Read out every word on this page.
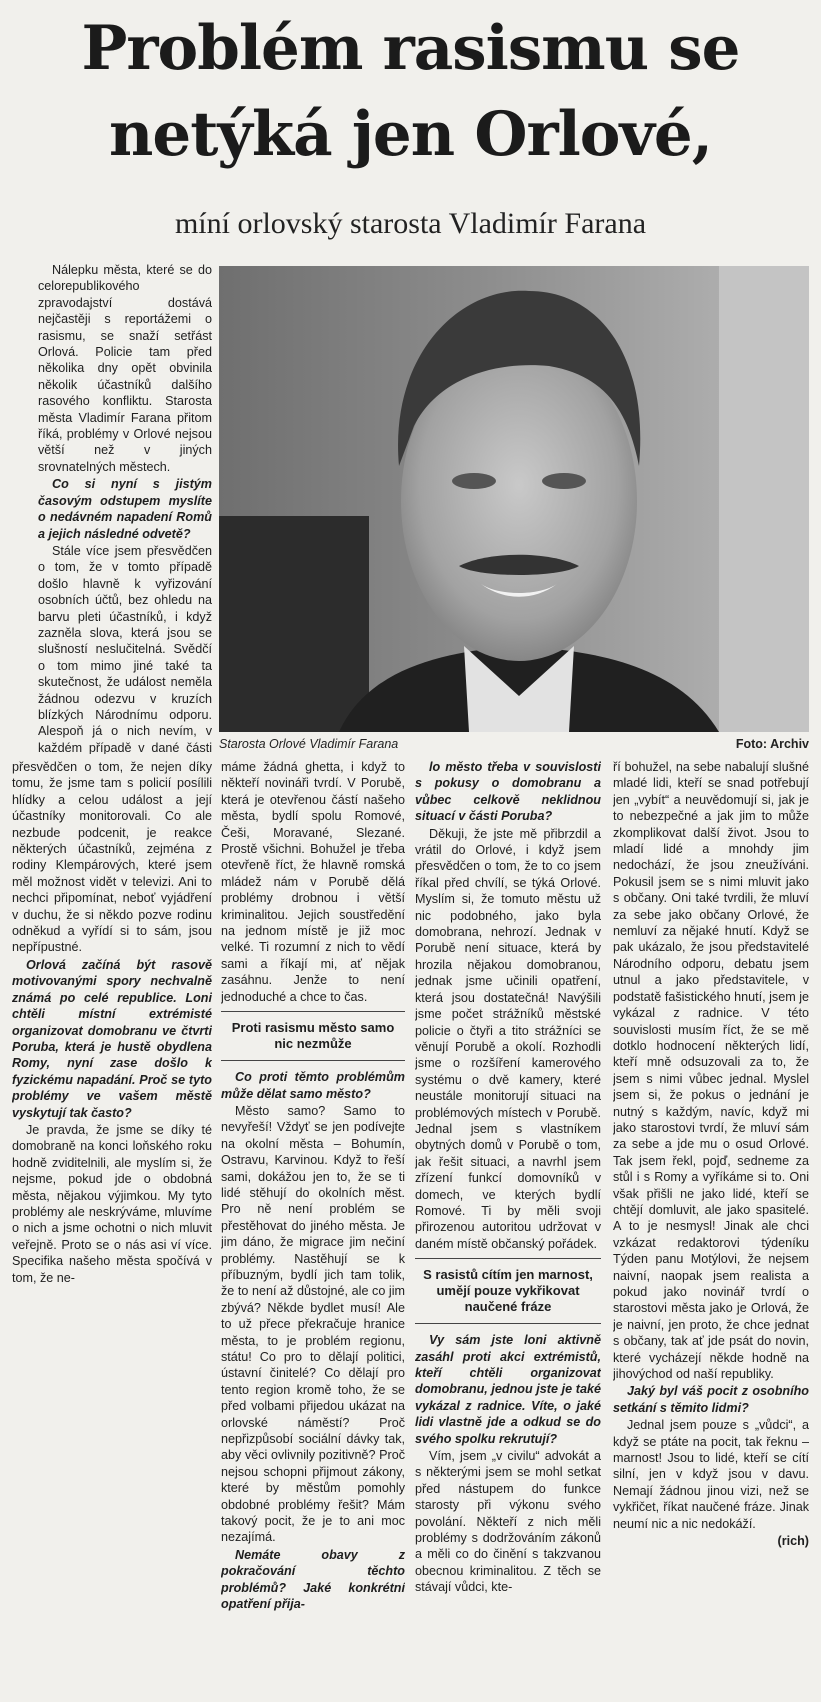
Problém rasismu se
netýká jen Orlové,
míní orlovský starosta Vladimír Farana
Starosta Orlové Vladimír Farana	Foto: Archiv

Nálepku města, které se do celorepublikového zpravodajství dostává nejčastěji s reportážemi o rasismu, se snaží setřást Orlová. Policie tam před několika dny opět obvinila několik účastníků dalšího rasového konfliktu. Starosta města Vladimír Farana přitom říká, problémy v Orlové nejsou větší než v jiných srovnatelných městech.

Co si nyní s jistým časovým odstupem myslíte o nedávném napadení Romů a jejich následné odvetě?

Stále více jsem přesvědčen o tom, že v tomto případě došlo hlavně k vyřizování osobních účtů, bez ohledu na barvu pleti účastníků, i když zazněla slova, která jsou se slušností neslučitelná. Svědčí o tom mimo jiné také ta skutečnost, že událost neměla žádnou odezvu v kruzích blízkých Národnímu odporu. Alespoň já o nich nevím, v každém případě v dané části

přesvědčen o tom, že nejen díky tomu, že jsme tam s policií posílili hlídky a celou událost a její účastníky monitorovali. Co ale nezbude podcenit, je reakce některých účastníků, zejména z rodiny Klempárových, které jsem měl možnost vidět v televizi. Ani to nechci připomínat, neboť vyjádření v duchu, že si někdo pozve rodinu odněkud a vyřídí si to sám, jsou nepřípustné.

Orlová začíná být rasově motivovanými spory nechvalně známá po celé republice. Loni chtěli místní extrémisté organizovat domobranu ve čtvrti Poruba, která je hustě obydlena Romy, nyní zase došlo k fyzickému napadání. Proč se tyto problémy ve vašem městě vyskytují tak často?

Je pravda, že jsme se díky té domobraně na konci loňského roku hodně zviditelnili, ale myslím si, že nejsme, pokud jde o obdobná města, nějakou výjimkou. My tyto problémy ale neskrýváme, mluvíme o nich a jsme ochotni o nich mluvit veřejně. Proto se o nás asi ví více. Specifika našeho města spočívá v tom, že ne-

máme žádná ghetta, i když to někteří novináři tvrdí. V Porubě, která je otevřenou částí našeho města, bydlí spolu Romové, Češi, Moravané, Slezané. Prostě všichni. Bohužel je třeba otevřeně říct, že hlavně romská mládež nám v Porubě dělá problémy drobnou i větší kriminalitou. Jejich soustředění na jednom místě je již moc velké. Ti rozumní z nich to vědí sami a říkají mi, ať nějak zasáhnu. Jenže to není jednoduché a chce to čas.

Proti rasismu město samo nic nezmůže

Co proti těmto problémům může dělat samo město?

Město samo? Samo to nevyřeší! Vždyť se jen podívejte na okolní města – Bohumín, Ostravu, Karvinou. Když to řeší sami, dokážou jen to, že se ti lidé stěhují do okolních měst. Pro ně není problém se přestěhovat do jiného města. Je jim dáno, že migrace jim nečiní problémy. Nastěhují se k příbuzným, bydlí jich tam tolik, že to není až důstojné, ale co jim zbývá? Někde bydlet musí! Ale to už přece překračuje hranice města, to je problém regionu, státu! Co pro to dělají politici, ústavní činitelé? Co dělají pro tento region kromě toho, že se před volbami přijedou ukázat na orlovské náměstí? Proč nepřizpůsobí sociální dávky tak, aby věci ovlivnily pozitivně? Proč nejsou schopni přijmout zákony, které by městům pomohly obdobné problémy řešit? Mám takový pocit, že je to ani moc nezajímá.

Nemáte obavy z pokračování těchto problémů? Jaké konkrétní opatření přija-

lo město třeba v souvislosti s pokusy o domobranu a vůbec celkově neklidnou situací v části Poruba?

Děkuji, že jste mě přibrzdil a vrátil do Orlové, i když jsem přesvědčen o tom, že to co jsem říkal před chvílí, se týká Orlové. Myslím si, že tomuto městu už nic podobného, jako byla domobrana, nehrozí. Jednak v Porubě není situace, která by hrozila nějakou domobranou, jednak jsme učinili opatření, která jsou dostatečná! Navýšili jsme počet strážníků městské policie o čtyři a tito strážníci se věnují Porubě a okolí. Rozhodli jsme o rozšíření kamerového systému o dvě kamery, které neustále monitorují situaci na problémových místech v Porubě. Jednal jsem s vlastníkem obytných domů v Porubě o tom, jak řešit situaci, a navrhl jsem zřízení funkcí domovníků v domech, ve kterých bydlí Romové. Ti by měli svoji přirozenou autoritou udržovat v daném místě občanský pořádek.

S rasistů cítím jen marnost, umějí pouze vykřikovat naučené fráze

Vy sám jste loni aktivně zasáhl proti akci extrémistů, kteří chtěli organizovat domobranu, jednou jste je také vykázal z radnice. Víte, o jaké lidi vlastně jde a odkud se do svého spolku rekrutují?

Vím, jsem „v civilu“ advokát a s některými jsem se mohl setkat před nástupem do funkce starosty při výkonu svého povolání. Někteří z nich měli problémy s dodržováním zákonů a měli co do činění s takzvanou obecnou kriminalitou. Z těch se stávají vůdci, kte-

ří bohužel, na sebe nabalují slušné mladé lidi, kteří se snad potřebují jen „vybít“ a neuvědomují si, jak je to nebezpečné a jak jim to může zkomplikovat další život. Jsou to mladí lidé a mnohdy jim nedochází, že jsou zneužíváni. Pokusil jsem se s nimi mluvit jako s občany. Oni také tvrdili, že mluví za sebe jako občany Orlové, že nemluví za nějaké hnutí. Když se pak ukázalo, že jsou představitelé Národního odporu, debatu jsem utnul a jako představitele, v podstatě fašistického hnutí, jsem je vykázal z radnice. V této souvislosti musím říct, že se mě dotklo hodnocení některých lidí, kteří mně odsuzovali za to, že jsem s nimi vůbec jednal. Myslel jsem si, že pokus o jednání je nutný s každým, navíc, když mi jako starostovi tvrdí, že mluví sám za sebe a jde mu o osud Orlové. Tak jsem řekl, pojď, sedneme za stůl i s Romy a vyříkáme si to. Oni však přišli ne jako lidé, kteří se chtějí domluvit, ale jako spasitelé. A to je nesmysl! Jinak ale chci vzkázat redaktorovi týdeníku Týden panu Motýlovi, že nejsem naivní, naopak jsem realista a pokud jako novinář tvrdí o starostovi města jako je Orlová, že je naivní, jen proto, že chce jednat s občany, tak ať jde psát do novin, které vycházejí někde hodně na jihovýchod od naší republiky.

Jaký byl váš pocit z osobního setkání s těmito lidmi?

Jednal jsem pouze s „vůdci“, a když se ptáte na pocit, tak řeknu – marnost! Jsou to lidé, kteří se cítí silní, jen v když jsou v davu. Nemají žádnou jinou vizi, než se vykřičet, říkat naučené fráze. Jinak neumí nic a nic nedokáží.

(rich)
